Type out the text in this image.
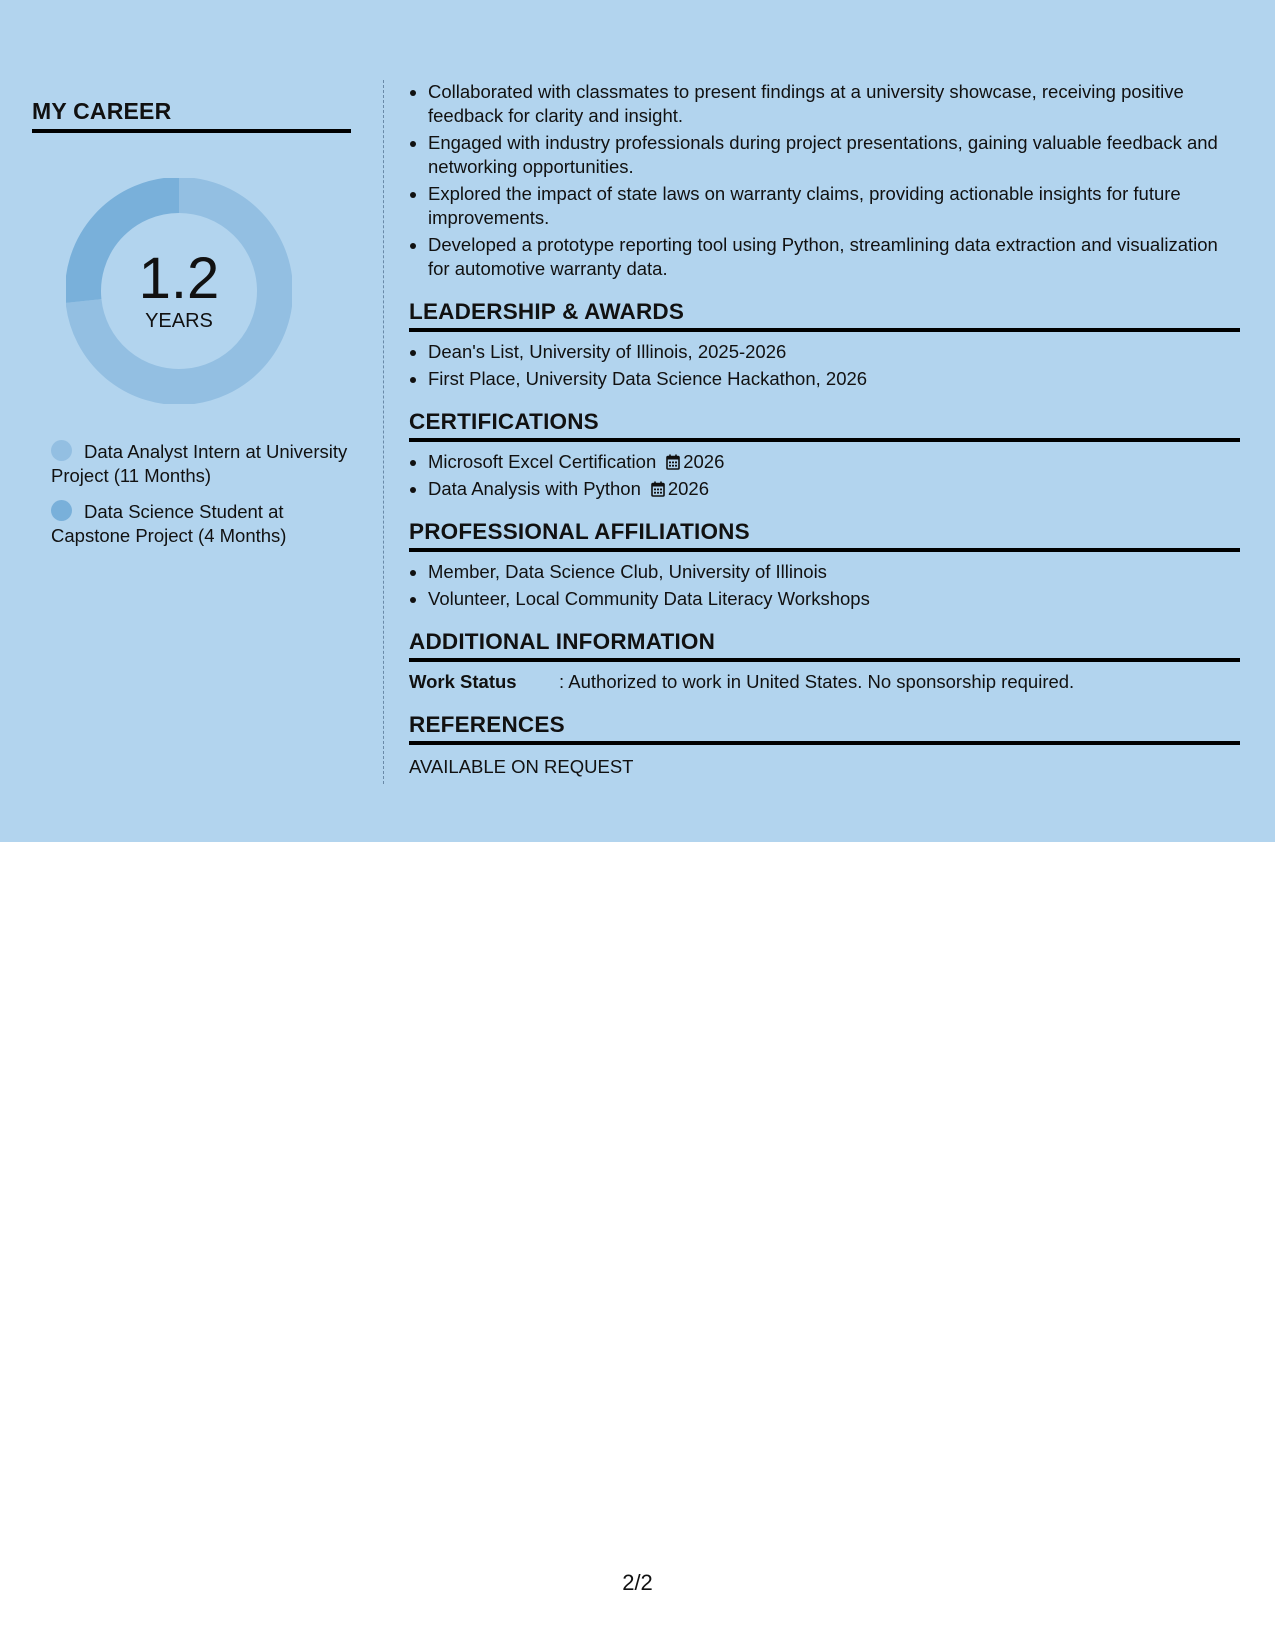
MY CAREER
1.2
YEARS
Data Analyst Intern at University Project (11 Months)
Data Science Student at Capstone Project (4 Months)
• Collaborated with classmates to present findings at a university showcase, receiving positive feedback for clarity and insight.
• Engaged with industry professionals during project presentations, gaining valuable feedback and networking opportunities.
• Explored the impact of state laws on warranty claims, providing actionable insights for future improvements.
• Developed a prototype reporting tool using Python, streamlining data extraction and visualization for automotive warranty data.
LEADERSHIP & AWARDS
• Dean's List, University of Illinois, 2025-2026
• First Place, University Data Science Hackathon, 2026
CERTIFICATIONS
• Microsoft Excel Certification 2026
• Data Analysis with Python 2026
PROFESSIONAL AFFILIATIONS
• Member, Data Science Club, University of Illinois
• Volunteer, Local Community Data Literacy Workshops
ADDITIONAL INFORMATION
Work Status : Authorized to work in United States. No sponsorship required.
REFERENCES
AVAILABLE ON REQUEST
2/2
